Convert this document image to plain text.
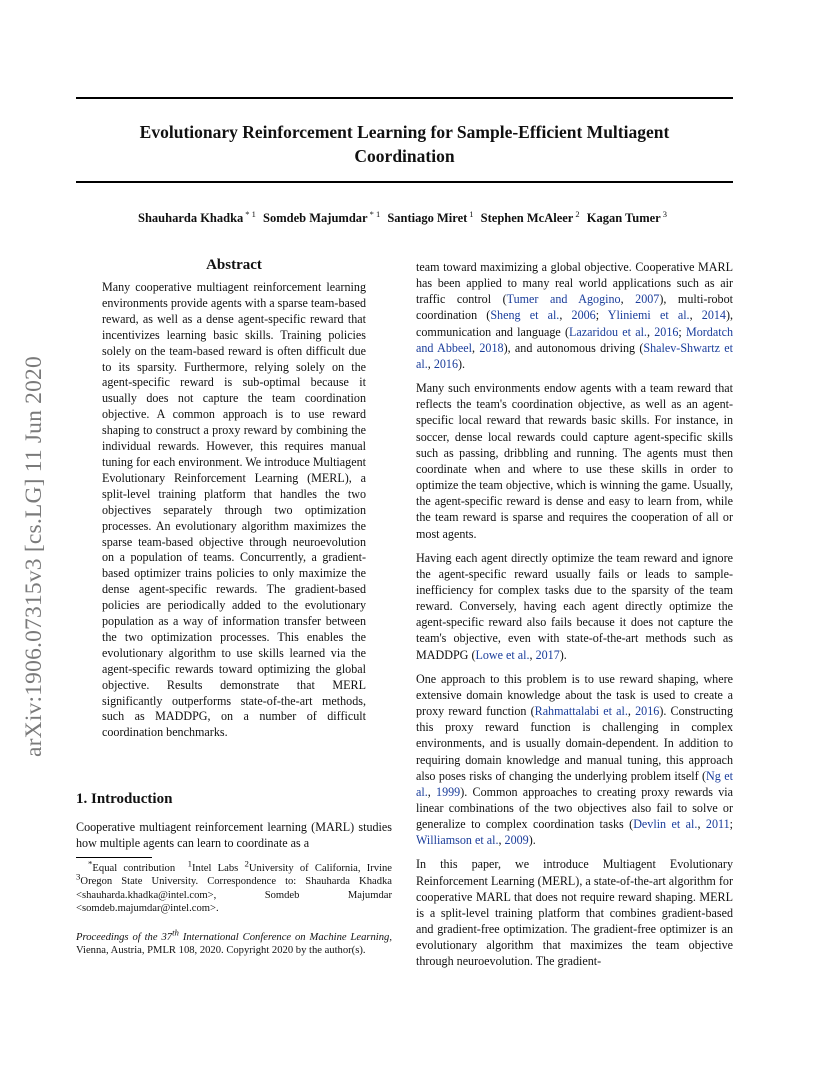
arXiv:1906.07315v3 [cs.LG] 11 Jun 2020
Evolutionary Reinforcement Learning for Sample-Efficient Multiagent
Coordination
Shauharda Khadka $^{* 1}$ Somdeb Majumdar $^{* 1}$ Santiago Miret $^1$ Stephen McAleer $^2$ Kagan Tumer $^3$
Abstract

Many cooperative multiagent reinforcement learning environments provide agents with a sparse team-based reward, as well as a dense agent-specific reward that incentivizes learning basic skills. Training policies solely on the team-based reward is often difficult due to its sparsity. Furthermore, relying solely on the agent-specific reward is sub-optimal because it usually does not capture the team coordination objective. A common approach is to use reward shaping to construct a proxy reward by combining the individual rewards. However, this requires manual tuning for each environment. We introduce Multiagent Evolutionary Reinforcement Learning (MERL), a split-level training platform that handles the two objectives separately through two optimization processes. An evolutionary algorithm maximizes the sparse team-based objective through neuroevolution on a population of teams. Concurrently, a gradient-based optimizer trains policies to only maximize the dense agent-specific rewards. The gradient-based policies are periodically added to the evolutionary population as a way of information transfer between the two optimization processes. This enables the evolutionary algorithm to use skills learned via the agent-specific rewards toward optimizing the global objective. Results demonstrate that MERL significantly outperforms state-of-the-art methods, such as MADDPG, on a number of difficult coordination benchmarks.

1. Introduction

Cooperative multiagent reinforcement learning (MARL) studies how multiple agents can learn to coordinate as a

*Equal contribution $^1$Intel Labs $^2$University of California, Irvine $^3$Oregon State University. Correspondence to: Shauharda Khadka <shauharda.khadka@intel.com>, Somdeb Majumdar <somdeb.majumdar@intel.com>.

Proceedings of the 37th International Conference on Machine Learning, Vienna, Austria, PMLR 108, 2020. Copyright 2020 by the author(s).

team toward maximizing a global objective. Cooperative MARL has been applied to many real world applications such as air traffic control (Tumer and Agogino, 2007), multi-robot coordination (Sheng et al., 2006; Yliniemi et al., 2014), communication and language (Lazaridou et al., 2016; Mordatch and Abbeel, 2018), and autonomous driving (Shalev-Shwartz et al., 2016).

Many such environments endow agents with a team reward that reflects the team's coordination objective, as well as an agent-specific local reward that rewards basic skills. For instance, in soccer, dense local rewards could capture agent-specific skills such as passing, dribbling and running. The agents must then coordinate when and where to use these skills in order to optimize the team objective, which is winning the game. Usually, the agent-specific reward is dense and easy to learn from, while the team reward is sparse and requires the cooperation of all or most agents.

Having each agent directly optimize the team reward and ignore the agent-specific reward usually fails or leads to sample-inefficiency for complex tasks due to the sparsity of the team reward. Conversely, having each agent directly optimize the agent-specific reward also fails because it does not capture the team's objective, even with state-of-the-art methods such as MADDPG (Lowe et al., 2017).

One approach to this problem is to use reward shaping, where extensive domain knowledge about the task is used to create a proxy reward function (Rahmattalabi et al., 2016). Constructing this proxy reward function is challenging in complex environments, and is usually domain-dependent. In addition to requiring domain knowledge and manual tuning, this approach also poses risks of changing the underlying problem itself (Ng et al., 1999). Common approaches to creating proxy rewards via linear combinations of the two objectives also fail to solve or generalize to complex coordination tasks (Devlin et al., 2011; Williamson et al., 2009).

In this paper, we introduce Multiagent Evolutionary Reinforcement Learning (MERL), a state-of-the-art algorithm for cooperative MARL that does not require reward shaping. MERL is a split-level training platform that combines gradient-based and gradient-free optimization. The gradient-free optimizer is an evolutionary algorithm that maximizes the team objective through neuroevolution. The gradient-
